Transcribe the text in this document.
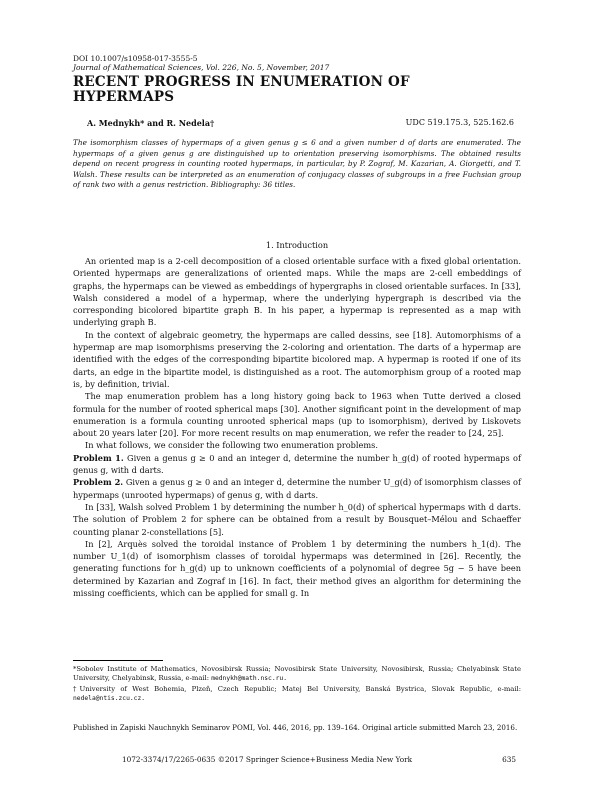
DOI 10.1007/s10958-017-3555-5
Journal of Mathematical Sciences, Vol. 226, No. 5, November, 2017
RECENT PROGRESS IN ENUMERATION OF
HYPERMAPS
A. Mednykh* and R. Nedela†	UDC 519.175.3, 525.162.6
The isomorphism classes of hypermaps of a given genus g ≤ 6 and a given number d of darts are enumerated. The hypermaps of a given genus g are distinguished up to orientation preserving isomorphisms. The obtained results depend on recent progress in counting rooted hypermaps, in particular, by P. Zograf, M. Kazarian, A. Giorgetti, and T. Walsh. These results can be interpreted as an enumeration of conjugacy classes of subgroups in a free Fuchsian group of rank two with a genus restriction. Bibliography: 36 titles.
1. Introduction

An oriented map is a 2-cell decomposition of a closed orientable surface with a fixed global orientation. Oriented hypermaps are generalizations of oriented maps. While the maps are 2-cell embeddings of graphs, the hypermaps can be viewed as embeddings of hypergraphs in closed orientable surfaces. In [33], Walsh considered a model of a hypermap, where the underlying hypergraph is described via the corresponding bicolored bipartite graph B. In his paper, a hypermap is represented as a map with underlying graph B.

In the context of algebraic geometry, the hypermaps are called dessins, see [18]. Automorphisms of a hypermap are map isomorphisms preserving the 2-coloring and orientation. The darts of a hypermap are identified with the edges of the corresponding bipartite bicolored map. A hypermap is rooted if one of its darts, an edge in the bipartite model, is distinguished as a root. The automorphism group of a rooted map is, by definition, trivial.

The map enumeration problem has a long history going back to 1963 when Tutte derived a closed formula for the number of rooted spherical maps [30]. Another significant point in the development of map enumeration is a formula counting unrooted spherical maps (up to isomorphism), derived by Liskovets about 20 years later [20]. For more recent results on map enumeration, we refer the reader to [24, 25].

In what follows, we consider the following two enumeration problems.

Problem 1. Given a genus g ≥ 0 and an integer d, determine the number h_g(d) of rooted hypermaps of genus g, with d darts.

Problem 2. Given a genus g ≥ 0 and an integer d, determine the number U_g(d) of isomorphism classes of hypermaps (unrooted hypermaps) of genus g, with d darts.

In [33], Walsh solved Problem 1 by determining the number h_0(d) of spherical hypermaps with d darts. The solution of Problem 2 for sphere can be obtained from a result by Bousquet–Mélou and Schaeffer counting planar 2-constellations [5].

In [2], Arquès solved the toroidal instance of Problem 1 by determining the numbers h_1(d). The number U_1(d) of isomorphism classes of toroidal hypermaps was determined in [26]. Recently, the generating functions for h_g(d) up to unknown coefficients of a polynomial of degree 5g − 5 have been determined by Kazarian and Zograf in [16]. In fact, their method gives an algorithm for determining the missing coefficients, which can be applied for small g. In

*Sobolev Institute of Mathematics, Novosibirsk Russia; Novosibirsk State University, Novosibirsk, Russia; Chelyabinsk State University, Chelyabinsk, Russia, e-mail: mednykh@math.nsc.ru.
†University of West Bohemia, Plzeň, Czech Republic; Matej Bel University, Banská Bystrica, Slovak Republic, e-mail: nedela@ntis.zcu.cz.
Published in Zapiski Nauchnykh Seminarov POMI, Vol. 446, 2016, pp. 139–164. Original article submitted March 23, 2016.
1072-3374/17/2265-0635 ©2017 Springer Science+Business Media New York	635
